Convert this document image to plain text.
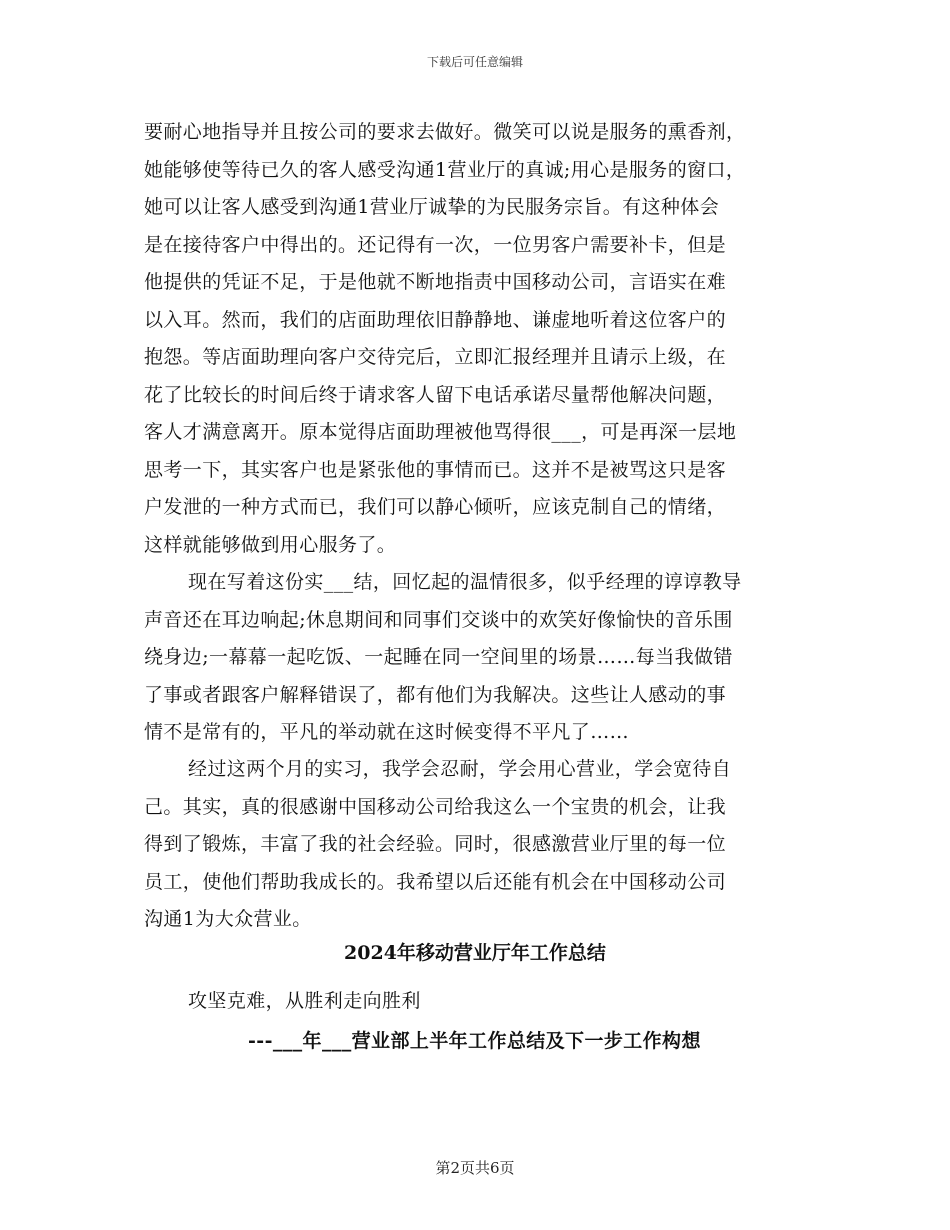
下载后可任意编辑
要耐心地指导并且按公司的要求去做好。微笑可以说是服务的熏香剂，
她能够使等待已久的客人感受沟通1营业厅的真诚;用心是服务的窗口，
她可以让客人感受到沟通1营业厅诚挚的为民服务宗旨。有这种体会
是在接待客户中得出的。还记得有一次，一位男客户需要补卡，但是
他提供的凭证不足，于是他就不断地指责中国移动公司，言语实在难
以入耳。然而，我们的店面助理依旧静静地、谦虚地听着这位客户的
抱怨。等店面助理向客户交待完后，立即汇报经理并且请示上级，在
花了比较长的时间后终于请求客人留下电话承诺尽量帮他解决问题，
客人才满意离开。原本觉得店面助理被他骂得很___，可是再深一层地
思考一下，其实客户也是紧张他的事情而已。这并不是被骂这只是客
户发泄的一种方式而已，我们可以静心倾听，应该克制自己的情绪，
这样就能够做到用心服务了。
现在写着这份实___结，回忆起的温情很多，似乎经理的谆谆教导
声音还在耳边响起;休息期间和同事们交谈中的欢笑好像愉快的音乐围
绕身边;一幕幕一起吃饭、一起睡在同一空间里的场景……每当我做错
了事或者跟客户解释错误了，都有他们为我解决。这些让人感动的事
情不是常有的，平凡的举动就在这时候变得不平凡了……
经过这两个月的实习，我学会忍耐，学会用心营业，学会宽待自
己。其实，真的很感谢中国移动公司给我这么一个宝贵的机会，让我
得到了锻炼，丰富了我的社会经验。同时，很感激营业厅里的每一位
员工，使他们帮助我成长的。我希望以后还能有机会在中国移动公司
沟通1为大众营业。
2024年移动营业厅年工作总结
攻坚克难，从胜利走向胜利
---___年___营业部上半年工作总结及下一步工作构想
第2页共6页
